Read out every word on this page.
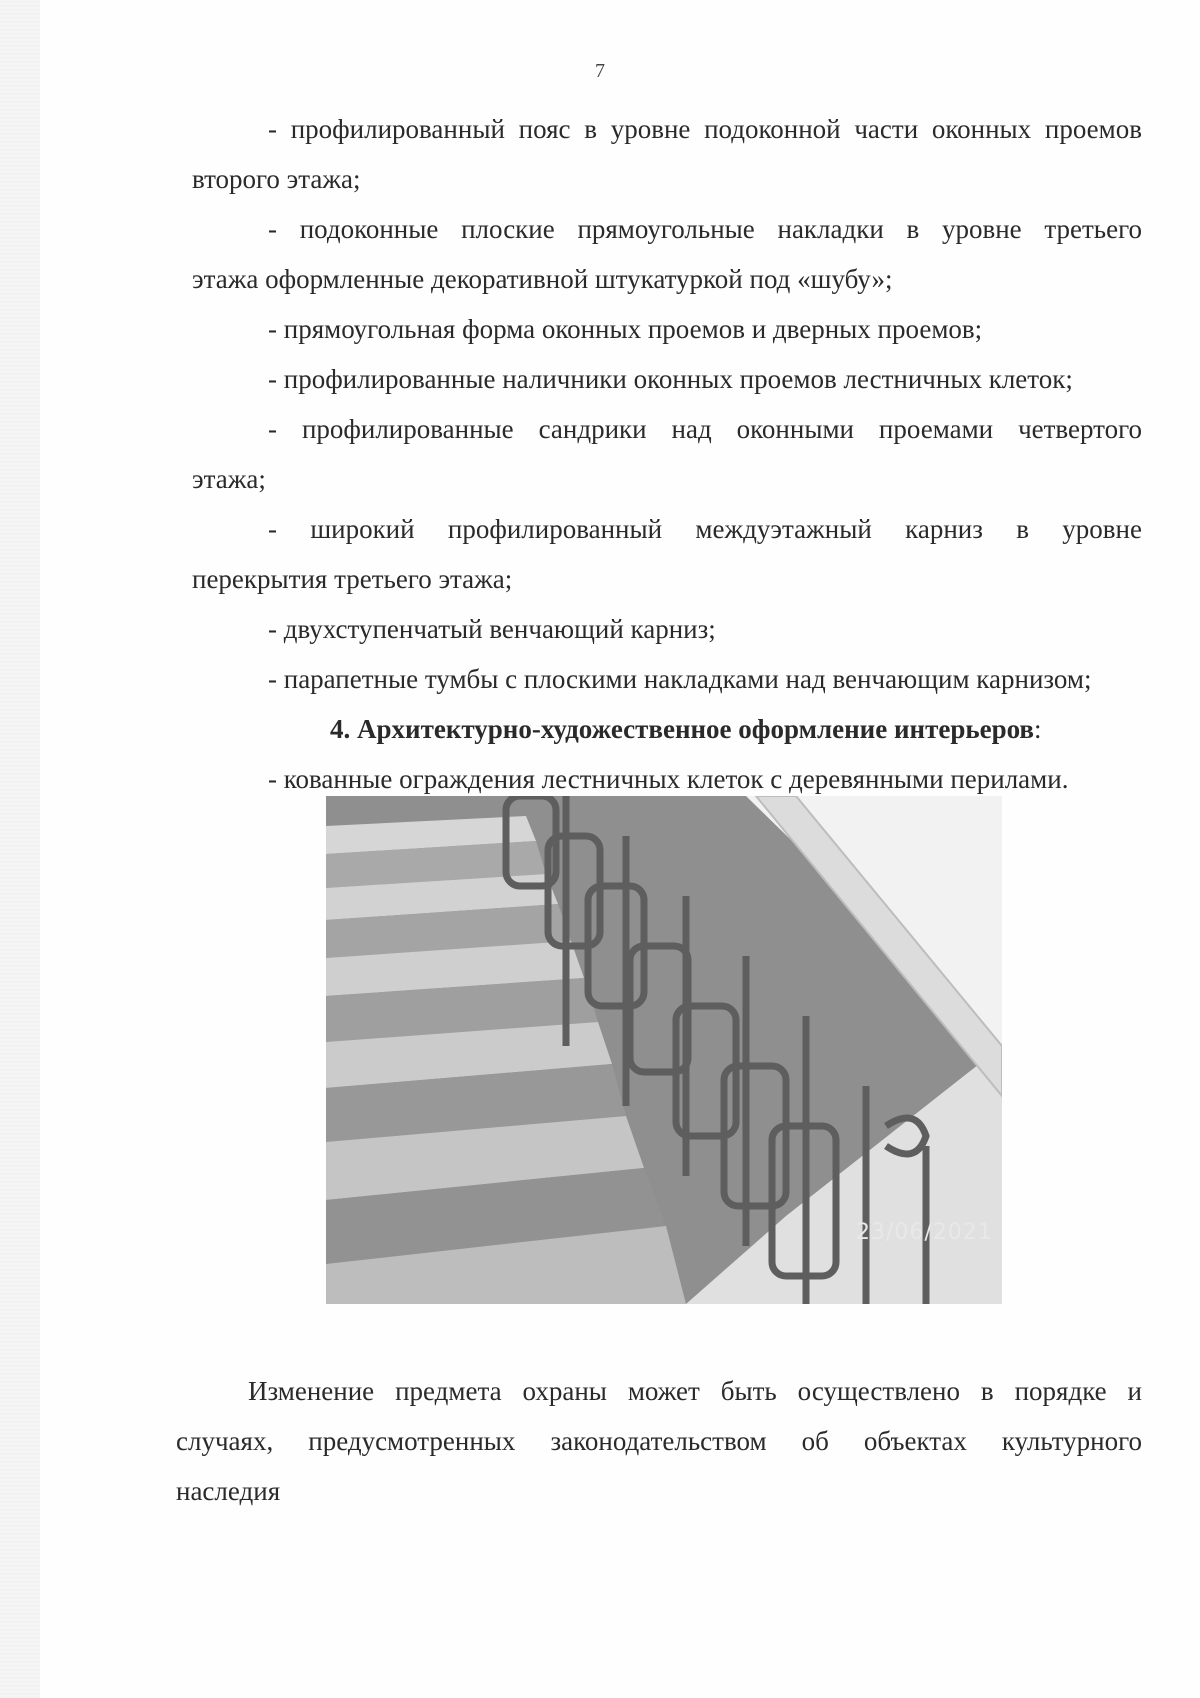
7
- профилированный пояс в уровне подоконной части оконных проемов
второго этажа;
- подоконные плоские прямоугольные накладки в уровне третьего
этажа оформленные декоративной штукатуркой под «шубу»;
- прямоугольная форма оконных проемов и дверных проемов;
- профилированные наличники оконных проемов лестничных клеток;
- профилированные сандрики над оконными проемами четвертого
этажа;
- широкий профилированный междуэтажный карниз в уровне
перекрытия третьего этажа;
- двухступенчатый венчающий карниз;
- парапетные тумбы с плоскими накладками над венчающим карнизом;
4. Архитектурно-художественное оформление интерьеров:
- кованные ограждения лестничных клеток с деревянными перилами.
23/06/2021
Изменение предмета охраны может быть осуществлено в порядке и
случаях, предусмотренных законодательством об объектах культурного
наследия
